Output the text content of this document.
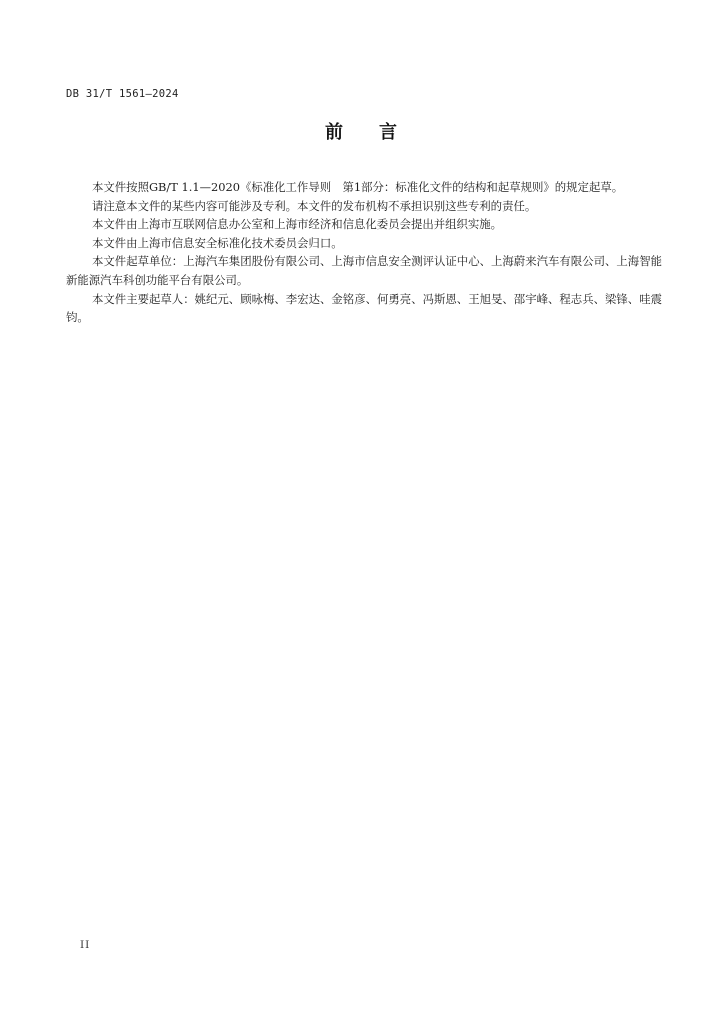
DB 31/T 1561—2024
前 言

本文件按照GB/T 1.1—2020《标准化工作导则　第1部分：标准化文件的结构和起草规则》的规定起草。

请注意本文件的某些内容可能涉及专利。本文件的发布机构不承担识别这些专利的责任。

本文件由上海市互联网信息办公室和上海市经济和信息化委员会提出并组织实施。

本文件由上海市信息安全标准化技术委员会归口。

本文件起草单位：上海汽车集团股份有限公司、上海市信息安全测评认证中心、上海蔚来汽车有限公司、上海智能新能源汽车科创功能平台有限公司。

本文件主要起草人：姚纪元、顾咏梅、李宏达、金铭彦、何勇亮、冯斯恩、王旭旻、邵宇峰、程志兵、梁锋、哇震钧。

II
